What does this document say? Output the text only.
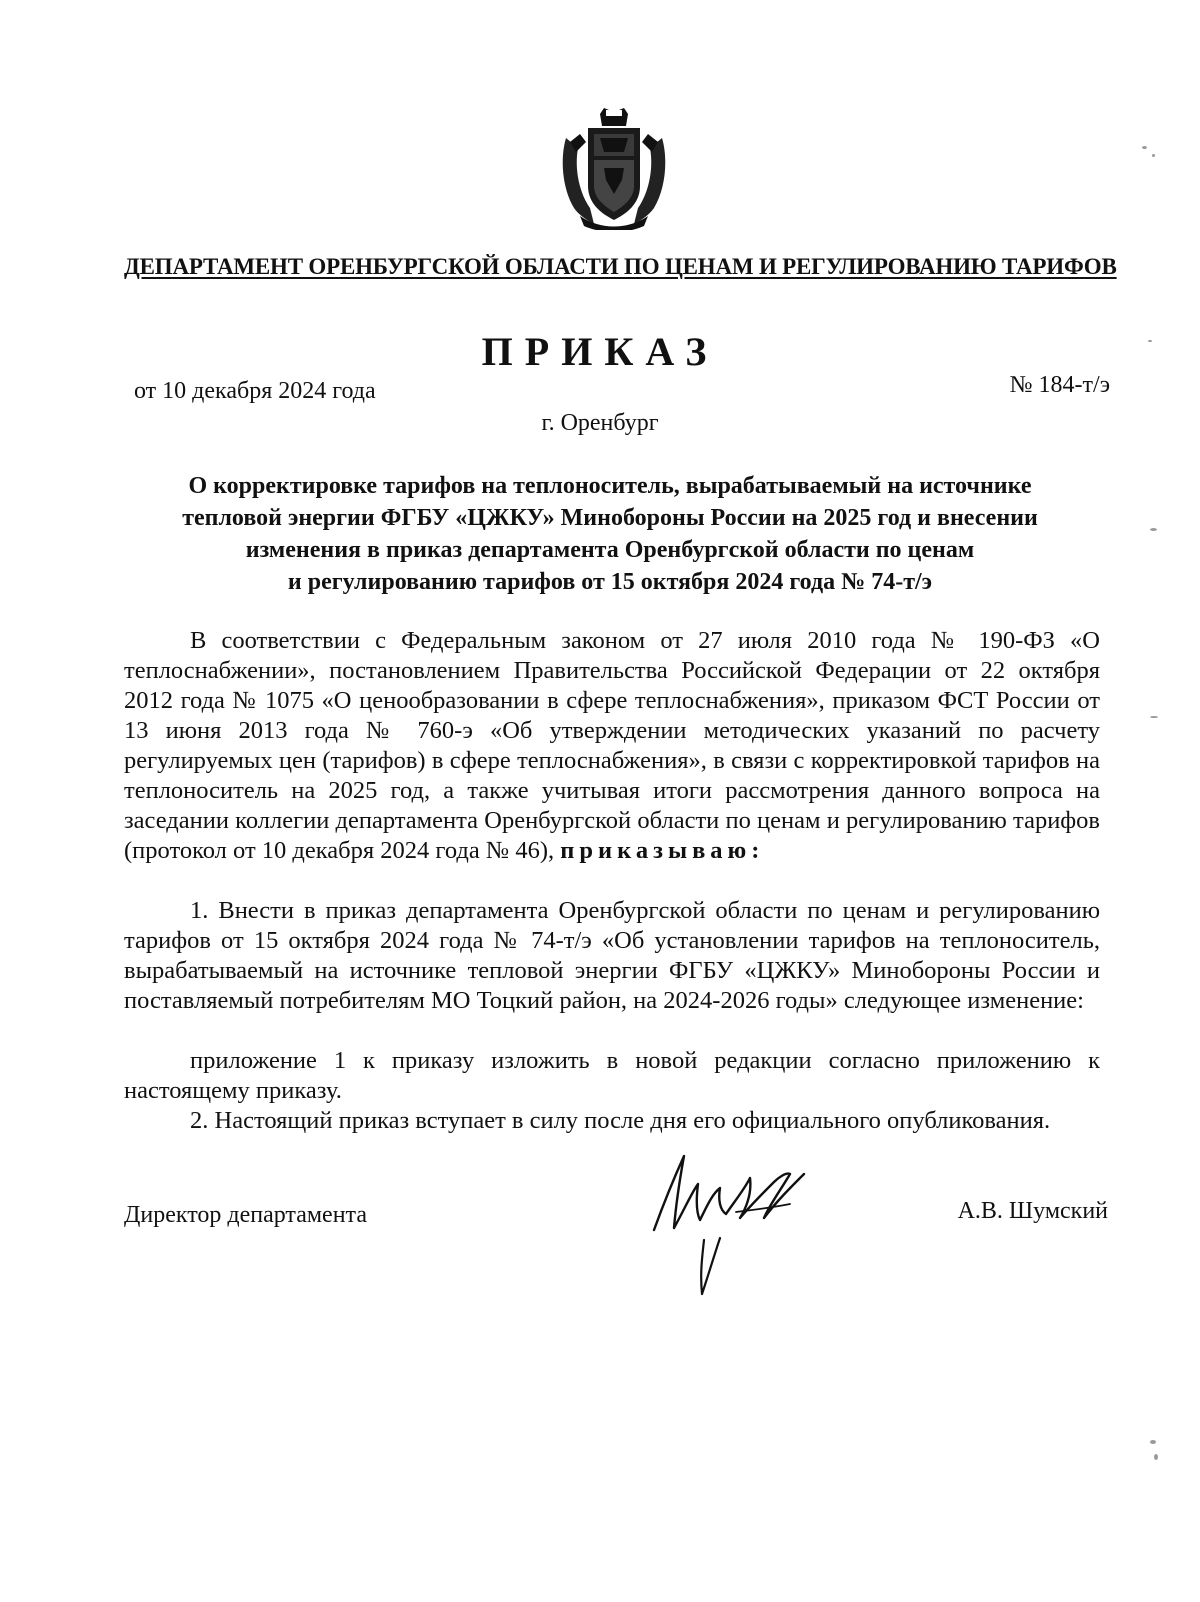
ДЕПАРТАМЕНТ ОРЕНБУРГСКОЙ ОБЛАСТИ ПО ЦЕНАМ И РЕГУЛИРОВАНИЮ ТАРИФОВ
ПРИКАЗ
от 10 декабря 2024 года	№ 184-т/э
г. Оренбург
О корректировке тарифов на теплоноситель, вырабатываемый на источнике
тепловой энергии ФГБУ «ЦЖКУ» Минобороны России на 2025 год и внесении
изменения в приказ департамента Оренбургской области по ценам
и регулированию тарифов от 15 октября 2024 года № 74-т/э
В соответствии с Федеральным законом от 27 июля 2010 года № 190-ФЗ «О теплоснабжении», постановлением Правительства Российской Федерации от 22 октября 2012 года № 1075 «О ценообразовании в сфере теплоснабжения», приказом ФСТ России от 13 июня 2013 года № 760-э «Об утверждении методических указаний по расчету регулируемых цен (тарифов) в сфере теплоснабжения», в связи с корректировкой тарифов на теплоноситель на 2025 год, а также учитывая итоги рассмотрения данного вопроса на заседании коллегии департамента Оренбургской области по ценам и регулированию тарифов (протокол от 10 декабря 2024 года № 46), приказываю:
1. Внести в приказ департамента Оренбургской области по ценам и регулированию тарифов от 15 октября 2024 года № 74-т/э «Об установлении тарифов на теплоноситель, вырабатываемый на источнике тепловой энергии ФГБУ «ЦЖКУ» Минобороны России и поставляемый потребителям МО Тоцкий район, на 2024-2026 годы» следующее изменение:
приложение 1 к приказу изложить в новой редакции согласно приложению к настоящему приказу.
2. Настоящий приказ вступает в силу после дня его официального опубликования.
Директор департамента	А.В. Шумский
